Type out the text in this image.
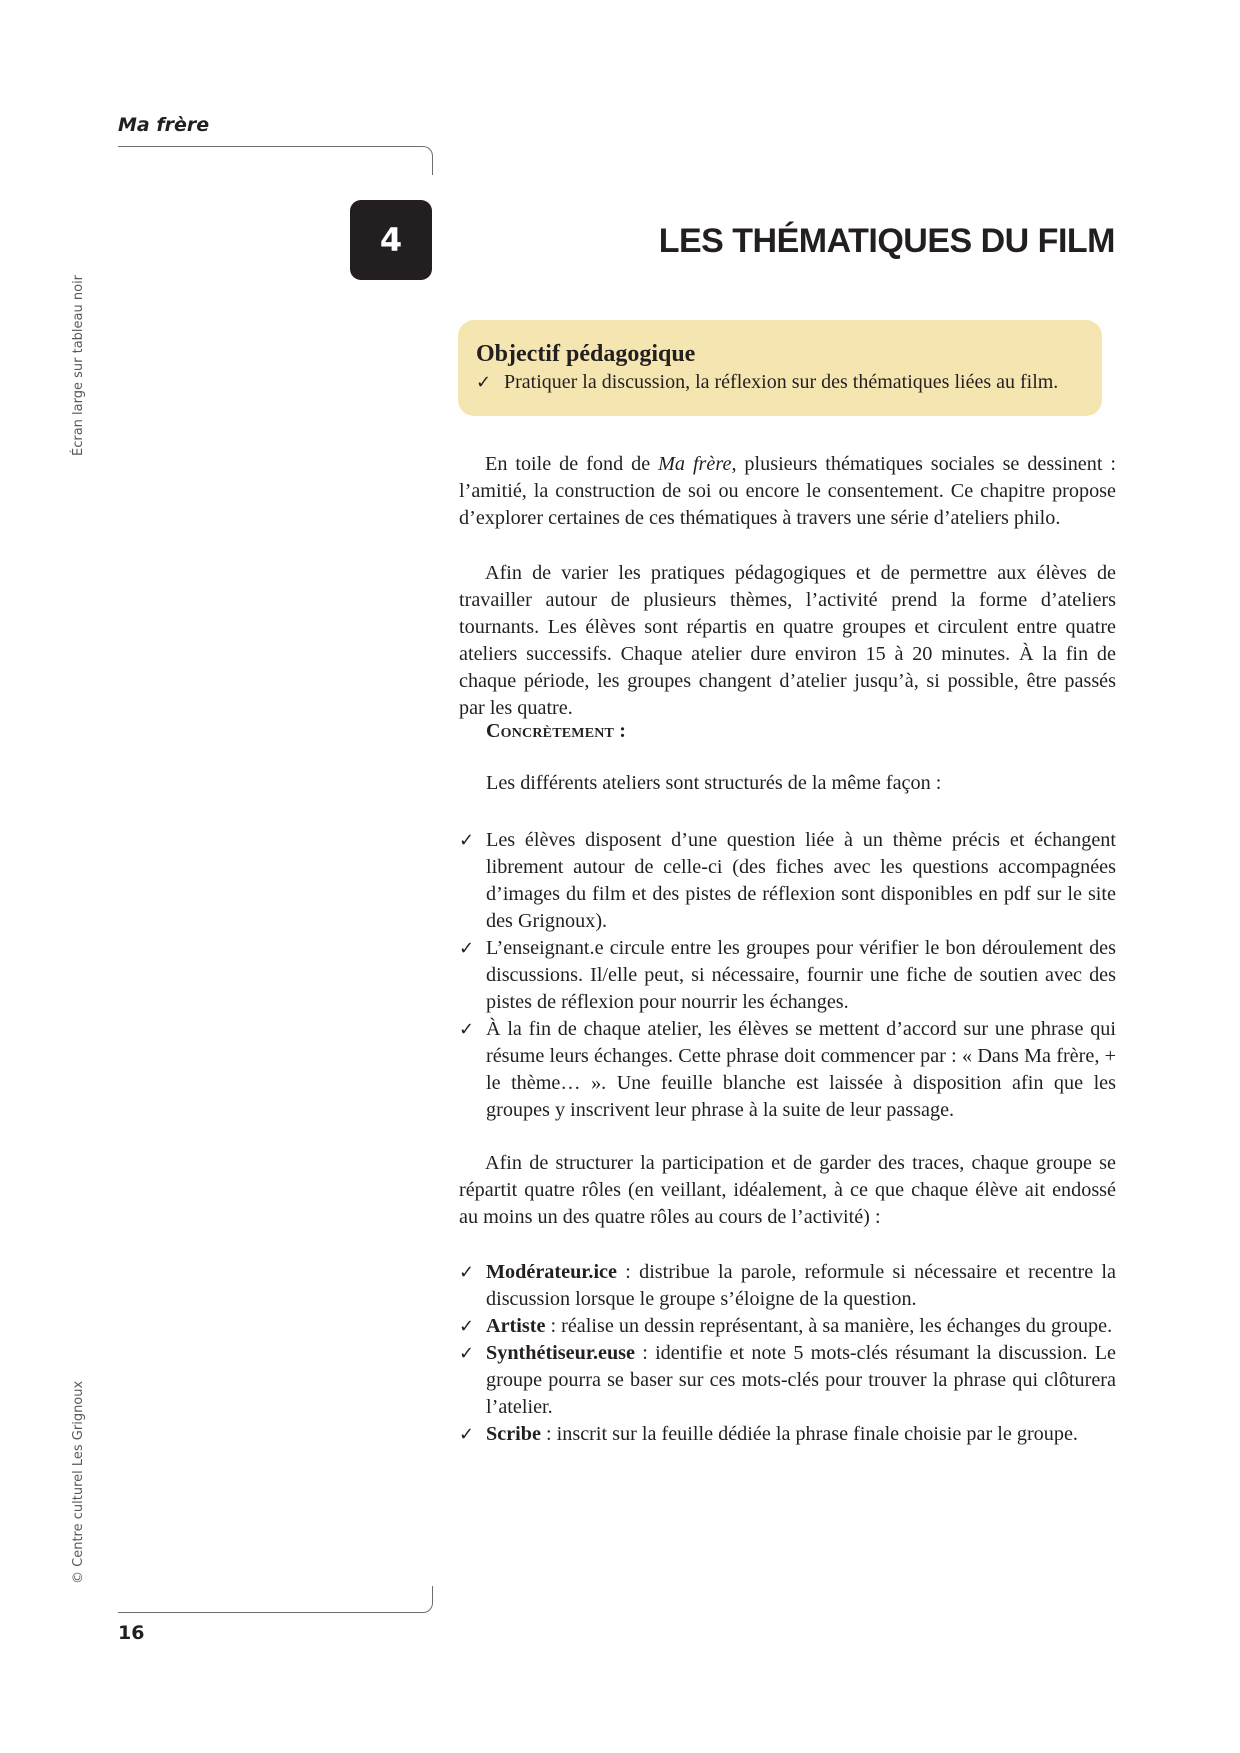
Ma frère
Écran large sur tableau noir
© Centre culturel Les Grignoux
4	LES THÉMATIQUES DU FILM
Objectif pédagogique
✓ Pratiquer la discussion, la réflexion sur des thématiques liées au film.

En toile de fond de Ma frère, plusieurs thématiques sociales se dessinent : l’amitié, la construction de soi ou encore le consentement. Ce chapitre propose d’explorer certaines de ces thématiques à travers une série d’ateliers philo.

Afin de varier les pratiques pédagogiques et de permettre aux élèves de travailler autour de plusieurs thèmes, l’activité prend la forme d’ateliers tournants. Les élèves sont répartis en quatre groupes et circulent entre quatre ateliers successifs. Chaque atelier dure environ 15 à 20 minutes. À la fin de chaque période, les groupes changent d’atelier jusqu’à, si possible, être passés par les quatre.

Concrètement :
Les différents ateliers sont structurés de la même façon :
✓ Les élèves disposent d’une question liée à un thème précis et échangent librement autour de celle-ci (des fiches avec les questions accompagnées d’images du film et des pistes de réflexion sont disponibles en pdf sur le site des Grignoux).
✓ L’enseignant.e circule entre les groupes pour vérifier le bon déroulement des discussions. Il/elle peut, si nécessaire, fournir une fiche de soutien avec des pistes de réflexion pour nourrir les échanges.
✓ À la fin de chaque atelier, les élèves se mettent d’accord sur une phrase qui résume leurs échanges. Cette phrase doit commencer par : « Dans Ma frère, + le thème… ». Une feuille blanche est laissée à disposition afin que les groupes y inscrivent leur phrase à la suite de leur passage.

Afin de structurer la participation et de garder des traces, chaque groupe se répartit quatre rôles (en veillant, idéalement, à ce que chaque élève ait endossé au moins un des quatre rôles au cours de l’activité) :

✓ Modérateur.ice : distribue la parole, reformule si nécessaire et recentre la discussion lorsque le groupe s’éloigne de la question.
✓ Artiste : réalise un dessin représentant, à sa manière, les échanges du groupe.
✓ Synthétiseur.euse : identifie et note 5 mots-clés résumant la discussion. Le groupe pourra se baser sur ces mots-clés pour trouver la phrase qui clôturera l’atelier.
✓ Scribe : inscrit sur la feuille dédiée la phrase finale choisie par le groupe.
16
